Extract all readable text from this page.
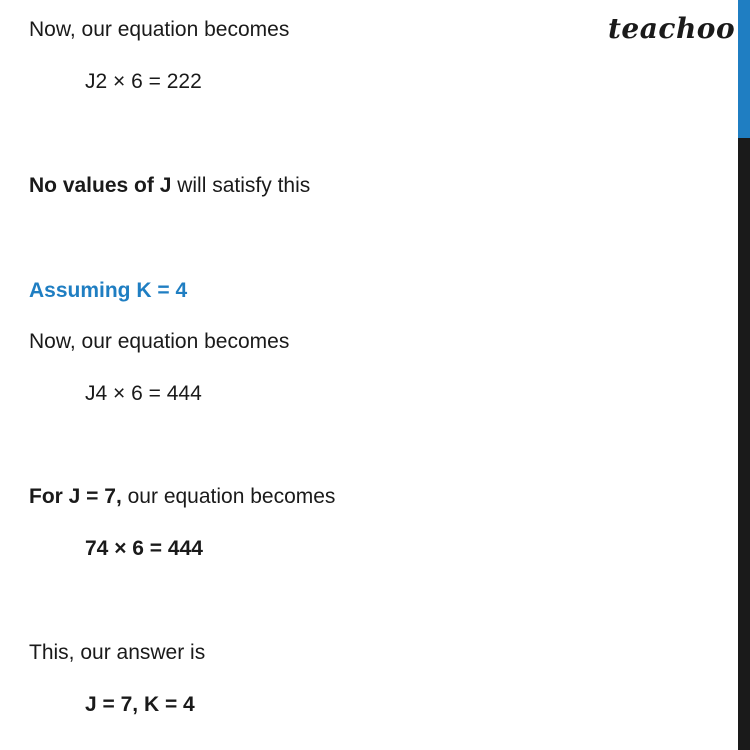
teachoo
Now, our equation becomes
J2 × 6 = 222
No values of J will satisfy this
Assuming K = 4
Now, our equation becomes
J4 × 6 = 444
For J = 7, our equation becomes
74 × 6 = 444
This, our answer is
J = 7, K = 4
